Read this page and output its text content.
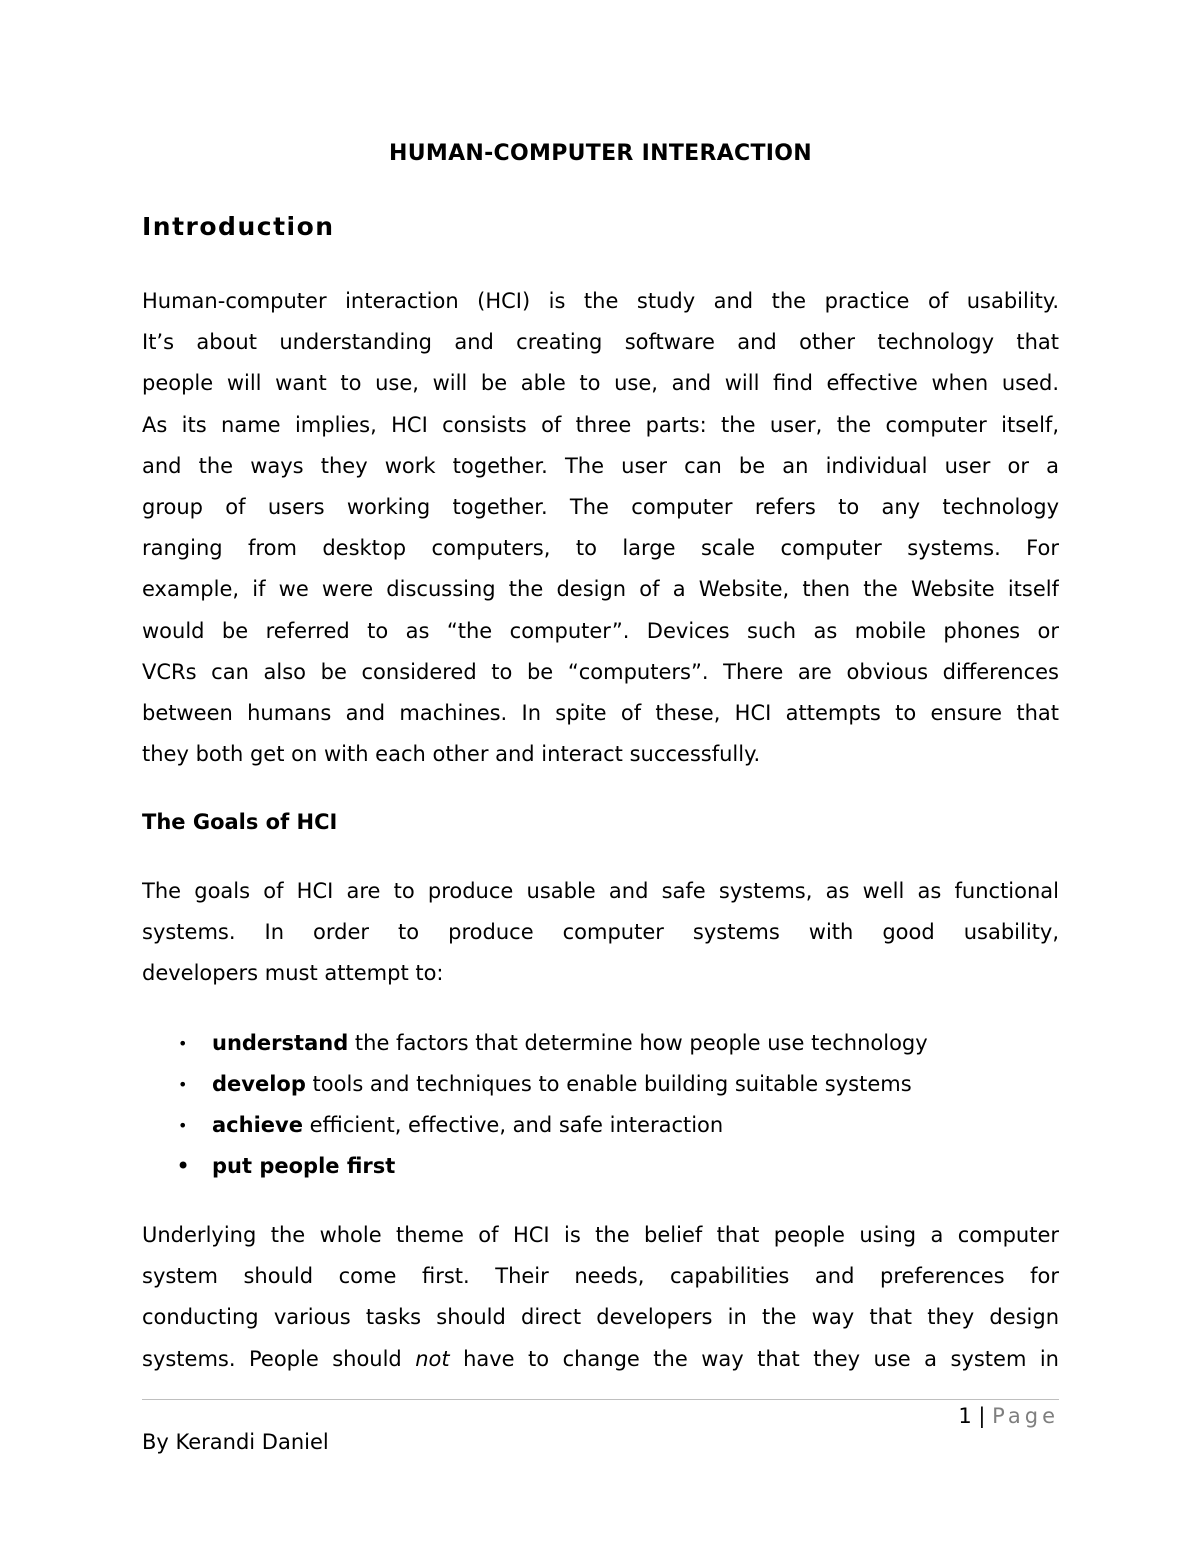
HUMAN-COMPUTER INTERACTION
Introduction
Human-computer interaction (HCI) is the study and the practice of usability.
It’s about understanding and creating software and other technology that
people will want to use, will be able to use, and will find effective when used.
As its name implies, HCI consists of three parts: the user, the computer itself,
and the ways they work together. The user can be an individual user or a
group of users working together. The computer refers to any technology
ranging from desktop computers, to large scale computer systems. For
example, if we were discussing the design of a Website, then the Website itself
would be referred to as “the computer”. Devices such as mobile phones or
VCRs can also be considered to be “computers”. There are obvious differences
between humans and machines. In spite of these, HCI attempts to ensure that
they both get on with each other and interact successfully.
The Goals of HCI
The goals of HCI are to produce usable and safe systems, as well as functional
systems. In order to produce computer systems with good usability,
developers must attempt to:
• understand the factors that determine how people use technology
• develop tools and techniques to enable building suitable systems
• achieve efficient, effective, and safe interaction
• put people first
Underlying the whole theme of HCI is the belief that people using a computer
system should come first. Their needs, capabilities and preferences for
conducting various tasks should direct developers in the way that they design
systems. People should not have to change the way that they use a system in
1 | Page
By Kerandi Daniel
